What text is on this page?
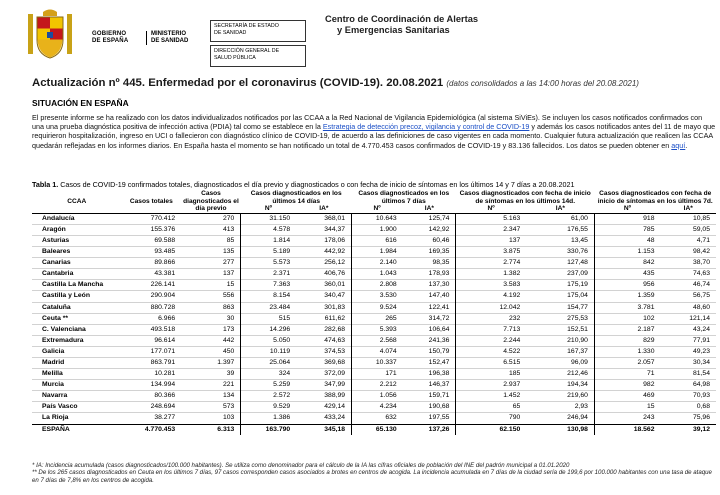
GOBIERNO
DE ESPAÑA
MINISTERIO
DE SANIDAD
SECRETARÍA DE ESTADO
DE SANIDAD
DIRECCIÓN GENERAL DE
SALUD PÚBLICA
Centro de Coordinación de Alertas
y Emergencias Sanitarias
Actualización nº 445. Enfermedad por el coronavirus (COVID-19). 20.08.2021 (datos consolidados a las 14:00 horas del 20.08.2021)
SITUACIÓN EN ESPAÑA
El presente informe se ha realizado con los datos individualizados notificados por las CCAA a la Red Nacional de Vigilancia Epidemiológica (al sistema SiViEs). Se incluyen los casos notificados confirmados con una una prueba diagnóstica positiva de infección activa (PDIA) tal como se establece en la Estrategia de detección precoz, vigilancia y control de COVID-19 y además los casos notificados antes del 11 de mayo que requirieron hospitalización, ingreso en UCI o fallecieron con diagnóstico clínico de COVID-19, de acuerdo a las definiciones de caso vigentes en cada momento. Cualquier futura actualización que realicen las CCAA quedarán reflejadas en los informes diarios. En España hasta el momento se han notificado un total de 4.770.453 casos confirmados de COVID-19 y 83.136 fallecidos. Los datos se pueden obtener en aquí.
Tabla 1. Casos de COVID-19 confirmados totales, diagnosticados el día previo y diagnosticados o con fecha de inicio de síntomas en los últimos 14 y 7 días a 20.08.2021
CCAA	Casos totales	Casos diagnosticados el día previo	Casos diagnosticados en los últimos 14 días		Casos diagnosticados en los últimos 7 días		Casos diagnosticados con fecha de inicio de síntomas en los últimos 14d.		Casos diagnosticados con fecha de inicio de síntomas en los últimos 7d.	
			Nº	IA*	Nº	IA*	Nº	IA*	Nº	IA*
Andalucía	770.412	270	31.150	368,01	10.643	125,74	5.163	61,00	918	10,85
Aragón	155.376	413	4.578	344,37	1.900	142,92	2.347	176,55	785	59,05
Asturias	69.588	85	1.814	178,06	616	60,46	137	13,45	48	4,71
Baleares	93.485	135	5.189	442,92	1.984	169,35	3.875	330,76	1.153	98,42
Canarias	89.866	277	5.573	256,12	2.140	98,35	2.774	127,48	842	38,70
Cantabria	43.381	137	2.371	406,76	1.043	178,93	1.382	237,09	435	74,63
Castilla La Mancha	226.141	15	7.363	360,01	2.808	137,30	3.583	175,19	956	46,74
Castilla y León	290.904	556	8.154	340,47	3.530	147,40	4.192	175,04	1.359	56,75
Cataluña	880.728	863	23.484	301,83	9.524	122,41	12.042	154,77	3.781	48,60
Ceuta **	6.966	30	515	611,62	265	314,72	232	275,53	102	121,14
C. Valenciana	493.518	173	14.296	282,68	5.393	106,64	7.713	152,51	2.187	43,24
Extremadura	96.614	442	5.050	474,63	2.568	241,36	2.244	210,90	829	77,91
Galicia	177.071	450	10.119	374,53	4.074	150,79	4.522	167,37	1.330	49,23
Madrid	863.791	1.397	25.064	369,68	10.337	152,47	6.515	96,09	2.057	30,34
Melilla	10.281	39	324	372,09	171	196,38	185	212,46	71	81,54
Murcia	134.994	221	5.259	347,99	2.212	146,37	2.937	194,34	982	64,98
Navarra	80.366	134	2.572	388,99	1.056	159,71	1.452	219,60	469	70,93
País Vasco	248.694	573	9.529	429,14	4.234	190,68	65	2,93	15	0,68
La Rioja	38.277	103	1.386	433,24	632	197,55	790	246,94	243	75,96
ESPAÑA	4.770.453	6.313	163.790	345,18	65.130	137,26	62.150	130,98	18.562	39,12
* IA: Incidencia acumulada (casos diagnosticados/100.000 habitantes). Se utiliza como denominador para el cálculo de la IA las cifras oficiales de población del INE del padrón municipal a 01.01.2020
** De los 265 casos diagnosticados en Ceuta en los últimos 7 días, 97 casos corresponden casos asociados a brotes en centros de acogida. La incidencia acumulada en 7 días de la ciudad sería de 199,6 por 100.000 habitantes con una tasa de ataque en 7 días de 7,8% en los centros de acogida.
